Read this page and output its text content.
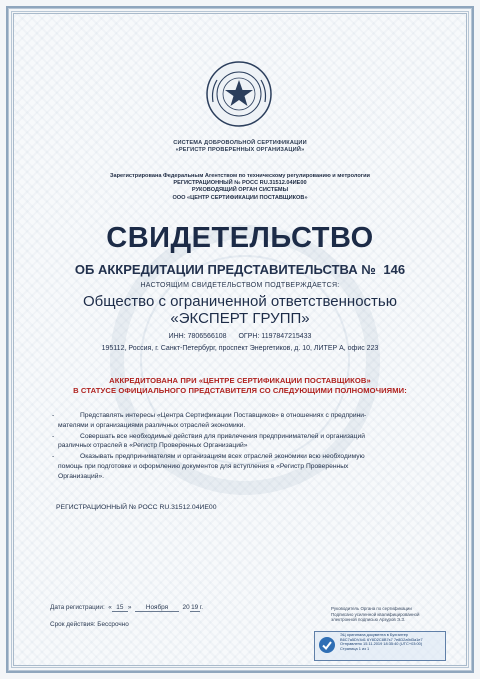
СИСТЕМА ДОБРОВОЛЬНОЙ СЕРТИФИКАЦИИ
«РЕГИСТР ПРОВЕРЕННЫХ ОРГАНИЗАЦИЙ»
Зарегистрирована Федеральным Агентством по техническому регулированию и метрологии
РЕГИСТРАЦИОННЫЙ № РОСС RU.31512.04ИЕ00
РУКОВОДЯЩИЙ ОРГАН СИСТЕМЫ
ООО «ЦЕНТР СЕРТИФИКАЦИИ ПОСТАВЩИКОВ»
СВИДЕТЕЛЬСТВО
ОБ АККРЕДИТАЦИИ ПРЕДСТАВИТЕЛЬСТВА № 146
НАСТОЯЩИМ СВИДЕТЕЛЬСТВОМ ПОДТВЕРЖДАЕТСЯ:
Общество с ограниченной ответственностью
«ЭКСПЕРТ ГРУПП»
ИНН: 7806566108 ОГРН: 1197847215433
195112, Россия, г. Санкт-Петербург, проспект Энергетиков, д. 10, ЛИТЕР А, офис 223
АККРЕДИТОВАНА ПРИ «ЦЕНТРЕ СЕРТИФИКАЦИИ ПОСТАВЩИКОВ»
В СТАТУСЕ ОФИЦИАЛЬНОГО ПРЕДСТАВИТЕЛЯ СО СЛЕДУЮЩИМИ ПОЛНОМОЧИЯМИ:
-	Представлять интересы «Центра Сертификации Поставщиков» в отношениях с предприни-
мателями и организациями различных отраслей экономики.
-	Совершать все необходимые действия для привлечения предпринимателей и организаций
различных отраслей в «Регистр Проверенных Организаций»
-	Оказывать предпринимателям и организациям всех отраслей экономики всю необходимую
помощь при подготовке и оформлению документов для вступления в «Регистр Проверенных
Организаций».
РЕГИСТРАЦИОННЫЙ № РОСС RU.31512.04ИЕ00
Дата регистрации:  « 15 »  Ноября 2019г.
Срок действия: Бессрочно
Руководитель Органа по сертификации
Подписано усиленной квалифицированной
электронной подписью Арзуров Э.З.
ЭЦ оригинала документа в Бухгалтер
B6C7a5DV4d1 6Y8D2C8B7s7 7e8D2a9d3a1e7
Отправлено 15.11.2019 18:35:40 (UTC+03:00)
Страница 1 из 1
